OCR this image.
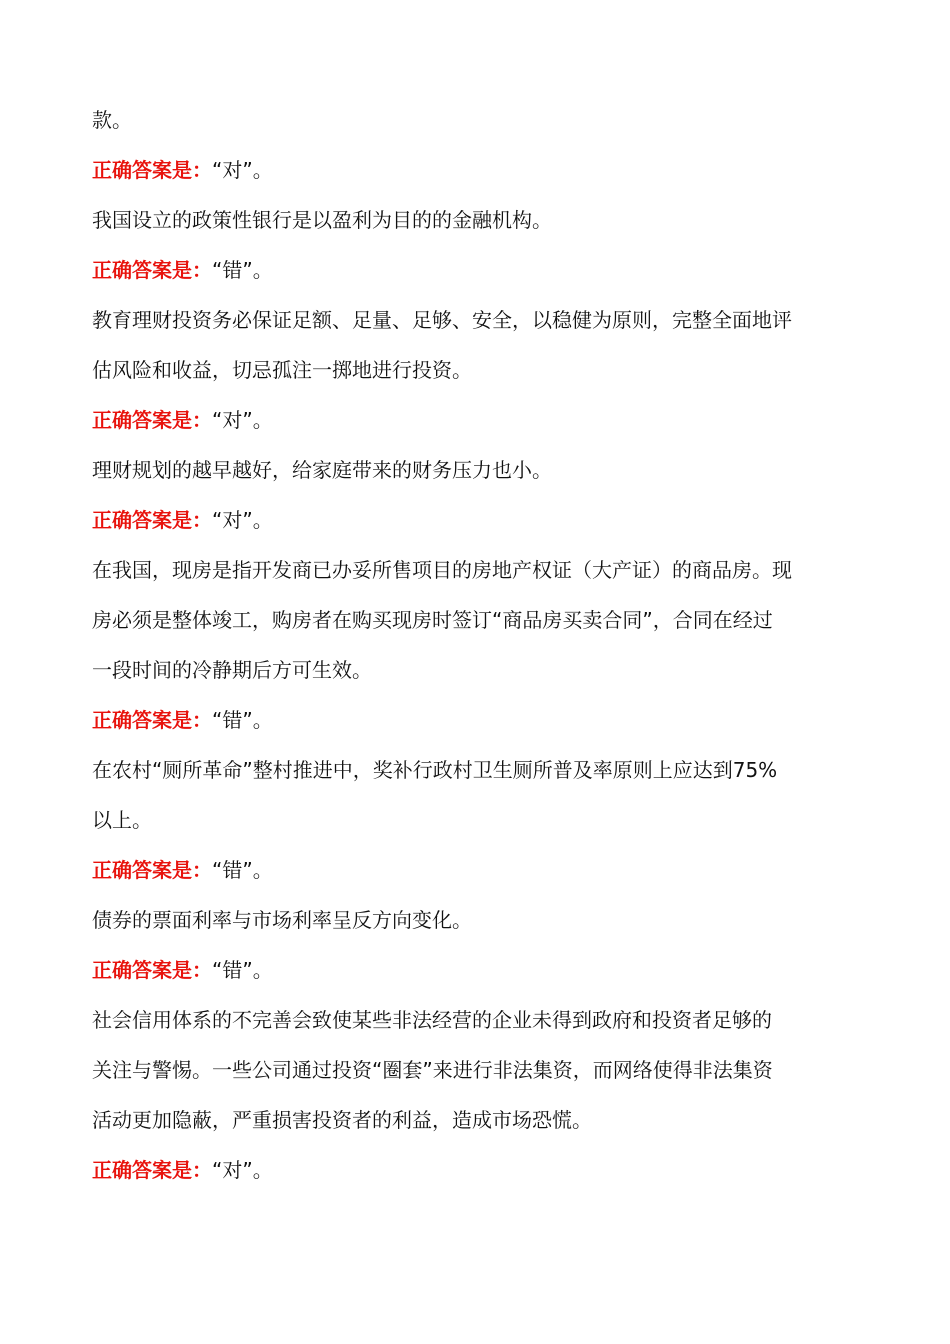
款。
正确答案是：“对”。
我国设立的政策性银行是以盈利为目的的金融机构。
正确答案是：“错”。
教育理财投资务必保证足额、足量、足够、安全，以稳健为原则，完整全面地评
估风险和收益，切忌孤注一掷地进行投资。
正确答案是：“对”。
理财规划的越早越好，给家庭带来的财务压力也小。
正确答案是：“对”。
在我国，现房是指开发商已办妥所售项目的房地产权证（大产证）的商品房。现
房必须是整体竣工，购房者在购买现房时签订“商品房买卖合同”，合同在经过
一段时间的冷静期后方可生效。
正确答案是：“错”。
在农村“厕所革命”整村推进中，奖补行政村卫生厕所普及率原则上应达到75%
以上。
正确答案是：“错”。
债券的票面利率与市场利率呈反方向变化。
正确答案是：“错”。
社会信用体系的不完善会致使某些非法经营的企业未得到政府和投资者足够的
关注与警惕。一些公司通过投资“圈套”来进行非法集资，而网络使得非法集资
活动更加隐蔽，严重损害投资者的利益，造成市场恐慌。
正确答案是：“对”。
